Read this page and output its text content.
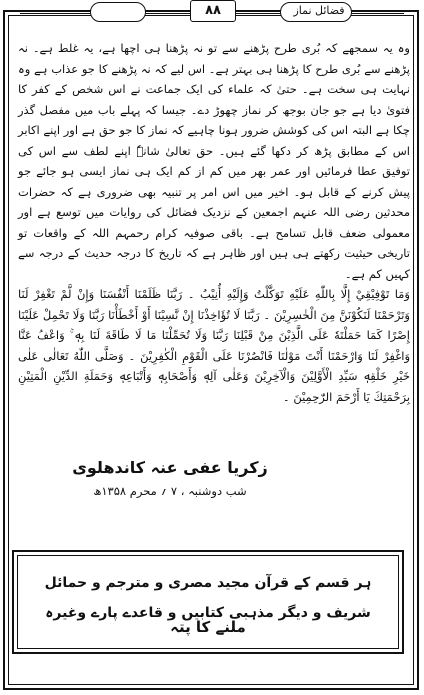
۸۸	فضائل نماز

وہ یہ سمجھے کہ بُری طرح پڑھنے سے تو نہ پڑھنا ہی اچھا ہے، یہ غلط ہے۔ نہ پڑھنے سے بُری طرح کا پڑھنا ہی بہتر ہے۔ اس لیے کہ نہ پڑھنے کا جو عذاب ہے وہ نہایت ہی سخت ہے۔ حتیٰ کہ علماء کی ایک جماعت نے اس شخص کے کفر کا فتویٰ دیا ہے جو جان بوجھ کر نماز چھوڑ دے۔ جیسا کہ پہلے باب میں مفصل گذر چکا ہے البتہ اس کی کوشش ضرور ہونا چاہیے کہ نماز کا جو حق ہے اور اپنے اکابر اس کے مطابق پڑھ کر دکھا گئے ہیں۔ حق تعالیٰ شانہٗ اپنے لطف سے اس کی توفیق عطا فرمائیں اور عمر بھر میں کم از کم ایک ہی نماز ایسی ہو جائے جو پیش کرنے کے قابل ہو۔ اخیر میں اس امر پر تنبیہ بھی ضروری ہے کہ حضرات محدثین رضی اللہ عنہم اجمعین کے نزدیک فضائل کی روایات میں توسع ہے اور معمولی ضعف قابل تسامح ہے۔ باقی صوفیہ کرام رحمہم اللہ کے واقعات تو تاریخی حیثیت رکھتے ہی ہیں اور ظاہر ہے کہ تاریخ کا درجہ حدیث کے درجہ سے کہیں کم ہے۔

وَمَا تَوْفِيْقِيْ إِلَّا بِاللّٰهِ عَلَيْهِ تَوَكَّلْتُ وَإِلَيْهِ أُنِيْبُ ۔ رَبَّنَا ظَلَمْنَا أَنْفُسَنَا وَإِنْ لَّمْ تَغْفِرْ لَنَا وَتَرْحَمْنَا لَنَكُوْنَنَّ مِنَ الْخٰسِرِيْنَ ۔ رَبَّنَا لَا تُؤَاخِذْنَا إِنْ نَّسِيْنَا أَوْ أَخْطَأْنَا رَبَّنَا وَلَا تَحْمِلْ عَلَيْنَا إِصْرًا كَمَا حَمَلْتَهٗ عَلَى الَّذِيْنَ مِنْ قَبْلِنَا رَبَّنَا وَلَا تُحَمِّلْنَا مَا لَا طَاقَةَ لَنَا بِهٖ ۚ وَاعْفُ عَنَّا وَاغْفِرْ لَنَا وَارْحَمْنَا أَنْتَ مَوْلٰنَا فَانْصُرْنَا عَلَى الْقَوْمِ الْكٰفِرِيْنَ ۔ وَصَلَّى اللّٰهُ تَعَالٰى عَلٰى خَيْرِ خَلْقِهٖ سَيِّدِ الْأَوَّلِيْنَ وَالْآخِرِيْنَ وَعَلٰى آلِهٖ وَأَصْحَابِهٖ وَأَتْبَاعِهٖ وَحَمَلَةِ الدِّيْنِ الْمَتِيْنِ بِرَحْمَتِكَ يَا أَرْحَمَ الرّٰحِمِيْنَ ۔

زکریا عفی عنہ کاندھلوی
شب دوشنبہ ، ۷ ؍ محرم ۱۳۵۸ھ
ہر قسم کے قرآن مجید مصری و مترجم و حمائل شریف و دیگر مذہبی کتابیں و قاعدے پارے وغیرہ
ملنے کا پتہ
